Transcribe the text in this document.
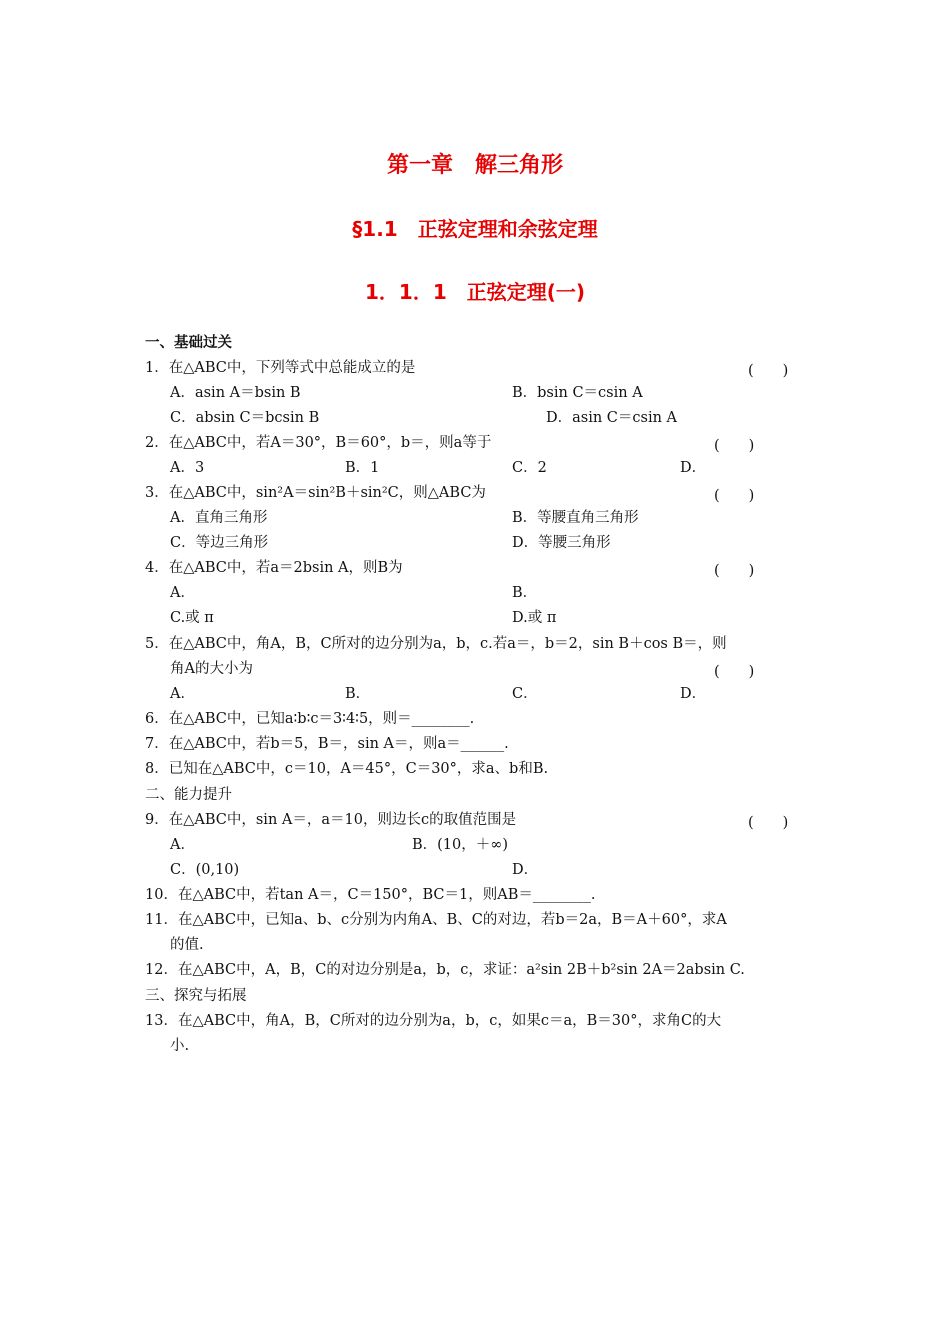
第一章　解三角形
§1.1　正弦定理和余弦定理
1．1．1　正弦定理(一)
一、基础过关
1．在△ABC中，下列等式中总能成立的是	(　　)
A．asin A＝bsin B	B．bsin C＝csin A
C．absin C＝bcsin B	D．asin C＝csin A
2．在△ABC中，若A＝30°，B＝60°，b＝，则a等于	(　　)
A．3	B．1	C．2	D．
3．在△ABC中，sin²A＝sin²B＋sin²C，则△ABC为	(　　)
A．直角三角形	B．等腰直角三角形
C．等边三角形	D．等腰三角形
4．在△ABC中，若a＝2bsin A，则B为	(　　)
A．	B．
C.或 π	D.或 π
5．在△ABC中，角A，B，C所对的边分别为a，b，c.若a＝，b＝2，sin B＋cos B＝，则
角A的大小为	(　　)
A．	B．	C．	D．
6．在△ABC中，已知a∶b∶c＝3∶4∶5，则＝________.
7．在△ABC中，若b＝5，B＝，sin A＝，则a＝______.
8．已知在△ABC中，c＝10，A＝45°，C＝30°，求a、b和B.
二、能力提升
9．在△ABC中，sin A＝，a＝10，则边长c的取值范围是	(　　)
A．	B．(10，＋∞)
C．(0,10)	D．
10．在△ABC中，若tan A＝，C＝150°，BC＝1，则AB＝________.
11．在△ABC中，已知a、b、c分别为内角A、B、C的对边，若b＝2a，B＝A＋60°，求A
的值.
12．在△ABC中，A，B，C的对边分别是a，b，c，求证：a²sin 2B＋b²sin 2A＝2absin C.
三、探究与拓展
13．在△ABC中，角A，B，C所对的边分别为a，b，c，如果c＝a，B＝30°，求角C的大
小.
